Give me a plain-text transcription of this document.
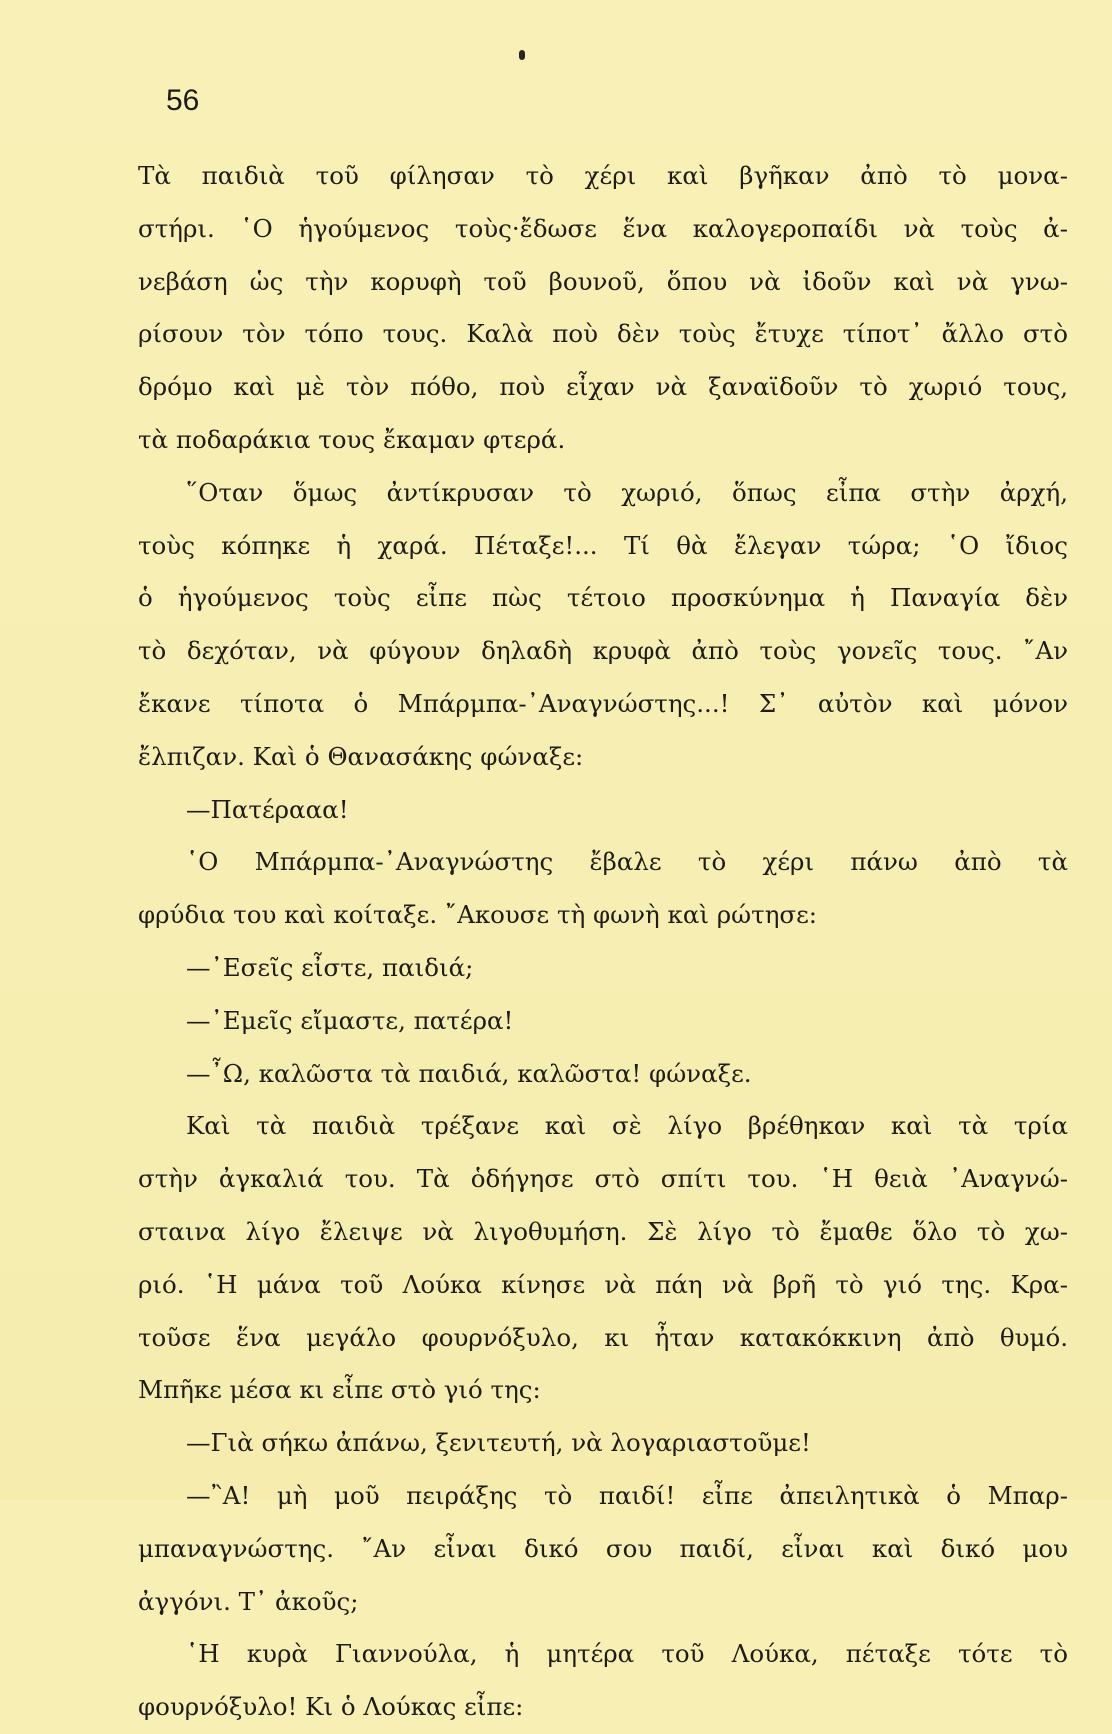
56

Τὰ παιδιὰ τοῦ φίλησαν τὸ χέρι καὶ βγῆκαν ἀπὸ τὸ μονα-
στήρι. ῾Ο ἡγούμενος τοὺς·ἔδωσε ἕνα καλογεροπαίδι νὰ τοὺς ἀ-
νεβάση ὡς τὴν κορυφὴ τοῦ βουνοῦ, ὅπου νὰ ἰδοῦν καὶ νὰ γνω-
ρίσουν τὸν τόπο τους. Καλὰ ποὺ δὲν τοὺς ἔτυχε τίποτ᾿ ἄλλο στὸ
δρόμο καὶ μὲ τὸν πόθο, ποὺ εἶχαν νὰ ξαναϊδοῦν τὸ χωριό τους,
τὰ ποδαράκια τους ἔκαμαν φτερά.
῞Οταν ὅμως ἀντίκρυσαν τὸ χωριό, ὅπως εἶπα στὴν ἀρχή,
τοὺς κόπηκε ἡ χαρά. Πέταξε!... Τί θὰ ἔλεγαν τώρα; ῾Ο ἴδιος
ὁ ἡγούμενος τοὺς εἶπε πὼς τέτοιο προσκύνημα ἡ Παναγία δὲν
τὸ δεχόταν, νὰ φύγουν δηλαδὴ κρυφὰ ἀπὸ τοὺς γονεῖς τους. ῎Αν
ἔκανε τίποτα ὁ Μπάρμπα-᾿Αναγνώστης...! Σ᾿ αὐτὸν καὶ μόνον
ἔλπιζαν. Καὶ ὁ Θανασάκης φώναξε:
—Πατέρααα!
῾Ο Μπάρμπα-᾿Αναγνώστης ἔβαλε τὸ χέρι πάνω ἀπὸ τὰ
φρύδια του καὶ κοίταξε. ῎Ακουσε τὴ φωνὴ καὶ ρώτησε:
—᾿Εσεῖς εἶστε, παιδιά;
—᾿Εμεῖς εἴμαστε, πατέρα!
—῏Ω, καλῶστα τὰ παιδιά, καλῶστα! φώναξε.
Καὶ τὰ παιδιὰ τρέξανε καὶ σὲ λίγο βρέθηκαν καὶ τὰ τρία
στὴν ἀγκαλιά του. Τὰ ὁδήγησε στὸ σπίτι του. ῾Η θειὰ ᾿Αναγνώ-
σταινα λίγο ἔλειψε νὰ λιγοθυμήση. Σὲ λίγο τὸ ἔμαθε ὅλο τὸ χω-
ριό. ῾Η μάνα τοῦ Λούκα κίνησε νὰ πάη νὰ βρῆ τὸ γιό της. Κρα-
τοῦσε ἕνα μεγάλο φουρνόξυλο, κι ἦταν κατακόκκινη ἀπὸ θυμό.
Μπῆκε μέσα κι εἶπε στὸ γιό της:
—Γιὰ σήκω ἀπάνω, ξενιτευτή, νὰ λογαριαστοῦμε!
—῍Α! μὴ μοῦ πειράξης τὸ παιδί! εἶπε ἀπειλητικὰ ὁ Μπαρ-
μπαναγνώστης. ῎Αν εἶναι δικό σου παιδί, εἶναι καὶ δικό μου
ἀγγόνι. Τ᾿ ἀκοῦς;
῾Η κυρὰ Γιαννούλα, ἡ μητέρα τοῦ Λούκα, πέταξε τότε τὸ
φουρνόξυλο! Κι ὁ Λούκας εἶπε:
